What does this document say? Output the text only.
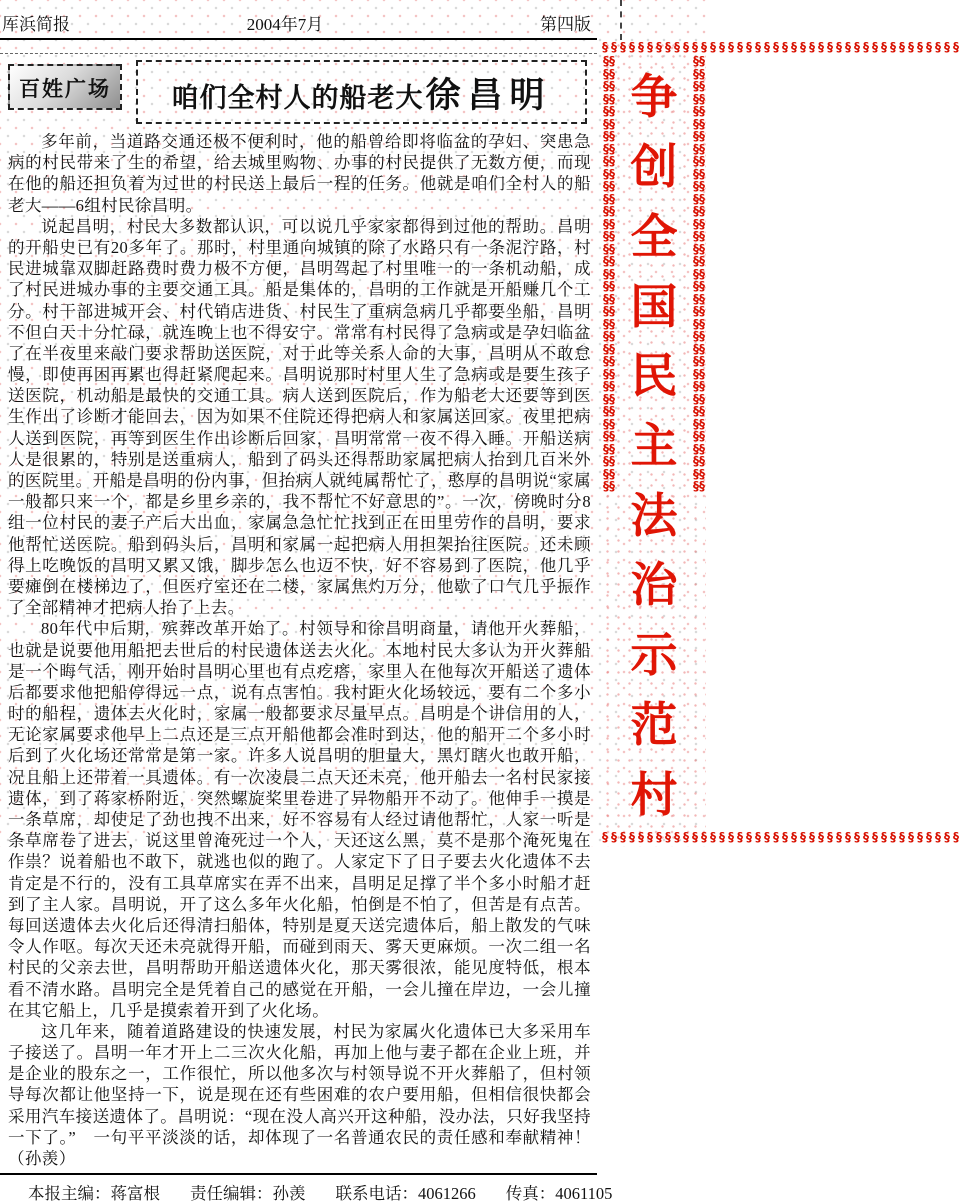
厍浜简报	2004年7月	第四版
百姓广场	咱们全村人的船老大徐昌明

多年前，当道路交通还极不便利时，他的船曾给即将临盆的孕妇、突患急病的村民带来了生的希望，给去城里购物、办事的村民提供了无数方便，而现在他的船还担负着为过世的村民送上最后一程的任务。他就是咱们全村人的船老大——6组村民徐昌明。

说起昌明，村民大多数都认识，可以说几乎家家都得到过他的帮助。昌明的开船史已有20多年了。那时，村里通向城镇的除了水路只有一条泥泞路，村民进城靠双脚赶路费时费力极不方便，昌明驾起了村里唯一的一条机动船，成了村民进城办事的主要交通工具。船是集体的，昌明的工作就是开船赚几个工分。村干部进城开会、村代销店进货、村民生了重病急病几乎都要坐船，昌明不但白天十分忙碌，就连晚上也不得安宁。常常有村民得了急病或是孕妇临盆了在半夜里来敲门要求帮助送医院，对于此等关系人命的大事，昌明从不敢怠慢，即使再困再累也得赶紧爬起来。昌明说那时村里人生了急病或是要生孩子送医院，机动船是最快的交通工具。病人送到医院后，作为船老大还要等到医生作出了诊断才能回去，因为如果不住院还得把病人和家属送回家。夜里把病人送到医院，再等到医生作出诊断后回家，昌明常常一夜不得入睡。开船送病人是很累的，特别是送重病人，船到了码头还得帮助家属把病人抬到几百米外的医院里。开船是昌明的份内事，但抬病人就纯属帮忙了，憨厚的昌明说“家属一般都只来一个，都是乡里乡亲的，我不帮忙不好意思的”。一次，傍晚时分8组一位村民的妻子产后大出血，家属急急忙忙找到正在田里劳作的昌明，要求他帮忙送医院。船到码头后，昌明和家属一起把病人用担架抬往医院。还未顾得上吃晚饭的昌明又累又饿，脚步怎么也迈不快，好不容易到了医院，他几乎要瘫倒在楼梯边了，但医疗室还在二楼，家属焦灼万分，他歇了口气几乎振作了全部精神才把病人抬了上去。

80年代中后期，殡葬改革开始了。村领导和徐昌明商量，请他开火葬船，也就是说要他用船把去世后的村民遗体送去火化。本地村民大多认为开火葬船是一个晦气活，刚开始时昌明心里也有点疙瘩，家里人在他每次开船送了遗体后都要求他把船停得远一点，说有点害怕。我村距火化场较远，要有二个多小时的船程，遗体去火化时，家属一般都要求尽量早点。昌明是个讲信用的人，无论家属要求他早上二点还是三点开船他都会准时到达，他的船开二个多小时后到了火化场还常常是第一家。许多人说昌明的胆量大，黑灯瞎火也敢开船，况且船上还带着一具遗体。有一次凌晨二点天还未亮，他开船去一名村民家接遗体，到了蒋家桥附近，突然螺旋桨里卷进了异物船开不动了。他伸手一摸是一条草席，却使足了劲也拽不出来，好不容易有人经过请他帮忙，人家一听是条草席卷了进去，说这里曾淹死过一个人，天还这么黑，莫不是那个淹死鬼在作祟？说着船也不敢下，就逃也似的跑了。人家定下了日子要去火化遗体不去肯定是不行的，没有工具草席实在弄不出来，昌明足足撑了半个多小时船才赶到了主人家。昌明说，开了这么多年火化船，怕倒是不怕了，但苦是有点苦。每回送遗体去火化后还得清扫船体，特别是夏天送完遗体后，船上散发的气味令人作呕。每次天还未亮就得开船，而碰到雨天、雾天更麻烦。一次二组一名村民的父亲去世，昌明帮助开船送遗体火化，那天雾很浓，能见度特低，根本看不清水路。昌明完全是凭着自己的感觉在开船，一会儿撞在岸边，一会儿撞在其它船上，几乎是摸索着开到了火化场。

这几年来，随着道路建设的快速发展，村民为家属火化遗体已大多采用车子接送了。昌明一年才开上二三次火化船，再加上他与妻子都在企业上班，并是企业的股东之一，工作很忙，所以他多次与村领导说不开火葬船了，但村领导每次都让他坚持一下，说是现在还有些困难的农户要用船，但相信很快都会采用汽车接送遗体了。昌明说：“现在没人高兴开这种船，没办法，只好我坚持一下了。”　一句平平淡淡的话，却体现了一名普通农民的责任感和奉献精神！　（孙羡）

本报主编：蒋富根 责任编辑：孙羡 联系电话：4061266 传真：4061105
§§§§§§§§§§§§§§§§§§§§§§§§§§§§§§§§§§§§§§§§
§§§§§§§§§§§§§§§§§§§§§§§§§§§§§§§§§§§§§§§§§§§§§§§§§§§§§§§§§§§§§§§§§§§§§§
争
创
全
国
民
主
法
治
示
范
村
§§§§§§§§§§§§§§§§§§§§§§§§§§§§§§§§§§§§§§§§§§§§§§§§§§§§§§§§§§§§§§§§§§§§§§
§§§§§§§§§§§§§§§§§§§§§§§§§§§§§§§§§§§§§§§§
